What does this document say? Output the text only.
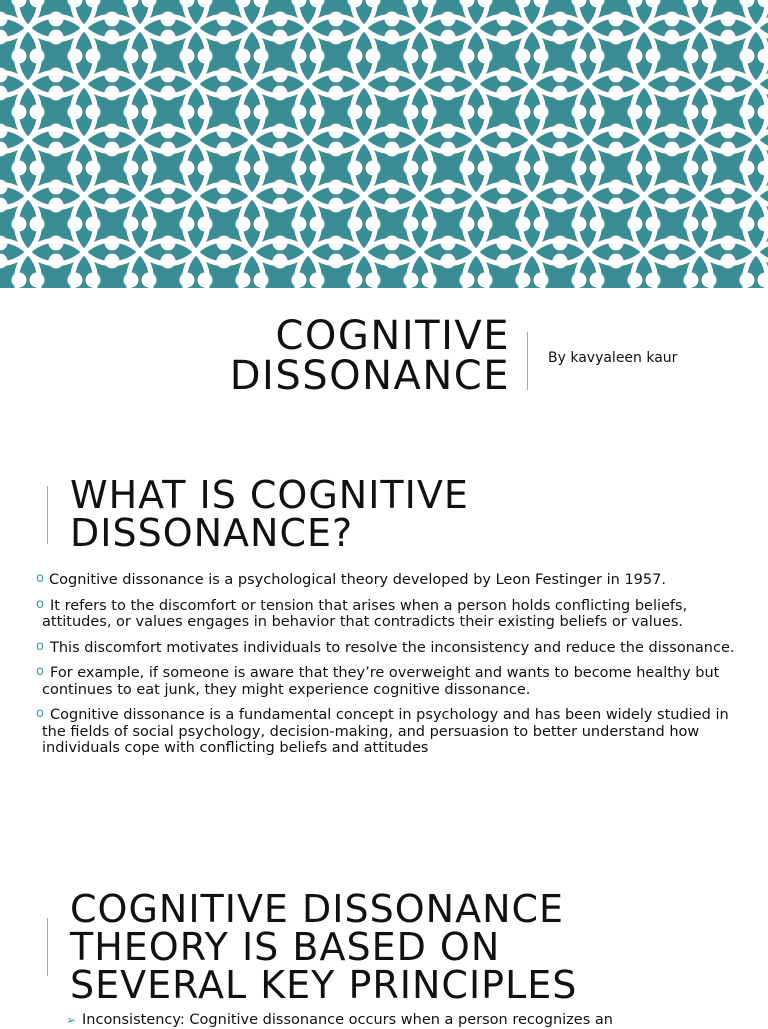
COGNITIVE
DISSONANCE	By kavyaleen kaur
WHAT IS COGNITIVE
DISSONANCE?
o Cognitive dissonance is a psychological theory developed by Leon Festinger in 1957.
o It refers to the discomfort or tension that arises when a person holds conflicting beliefs, attitudes, or values engages in behavior that contradicts their existing beliefs or values.
o This discomfort motivates individuals to resolve the inconsistency and reduce the dissonance.
o For example, if someone is aware that they’re overweight and wants to become healthy but continues to eat junk, they might experience cognitive dissonance.
o Cognitive dissonance is a fundamental concept in psychology and has been widely studied in the fields of social psychology, decision-making, and persuasion to better understand how individuals cope with conflicting beliefs and attitudes
COGNITIVE DISSONANCE
THEORY IS BASED ON
SEVERAL KEY PRINCIPLES
➢ Inconsistency: Cognitive dissonance occurs when a person recognizes an
